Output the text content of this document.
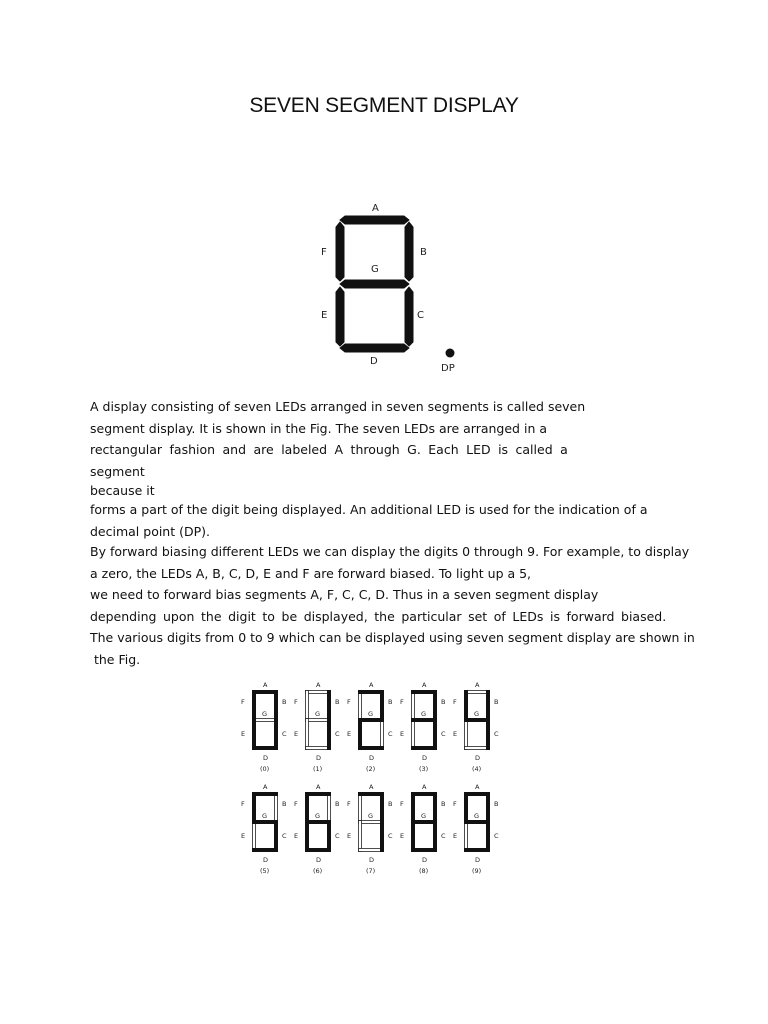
SEVEN SEGMENT DISPLAY
A
F	B
G
E	C
D
DP

A display consisting of seven LEDs arranged in seven segments is called seven

segment display. It is shown in the Fig. The seven LEDs are arranged in a

rectangular fashion and are labeled A through G. Each LED is called a segment

because it

forms a part of the digit being displayed. An additional LED is used for the indication of a

decimal point (DP).

By forward biasing different LEDs we can display the digits 0 through 9. For example, to display

a zero, the LEDs A, B, C, D, E and F are forward biased. To light up a 5,

we need to forward bias segments A, F, C, C, D. Thus in a seven segment display

depending upon the digit to be displayed, the particular set of LEDs is forward biased.

The various digits from 0 to 9 which can be displayed using seven segment display are shown in

the Fig.

A
B
F
G
E	C
D
(0)
A
B
F
G
E	C
D
(1)
A
B
F
G
E	C
D
(2)
A
B
F
G
E	C
D
(3)
A
B
F
G
E	C
D
(4)
A
B
F
G
E	C
D
(5)
A
B
F
G
E	C
D
(6)
A
B
F
G
E	C
D
(7)
A
B
F
G
E	C
D
(8)
A
B
F
G
E	C
D
(9)
